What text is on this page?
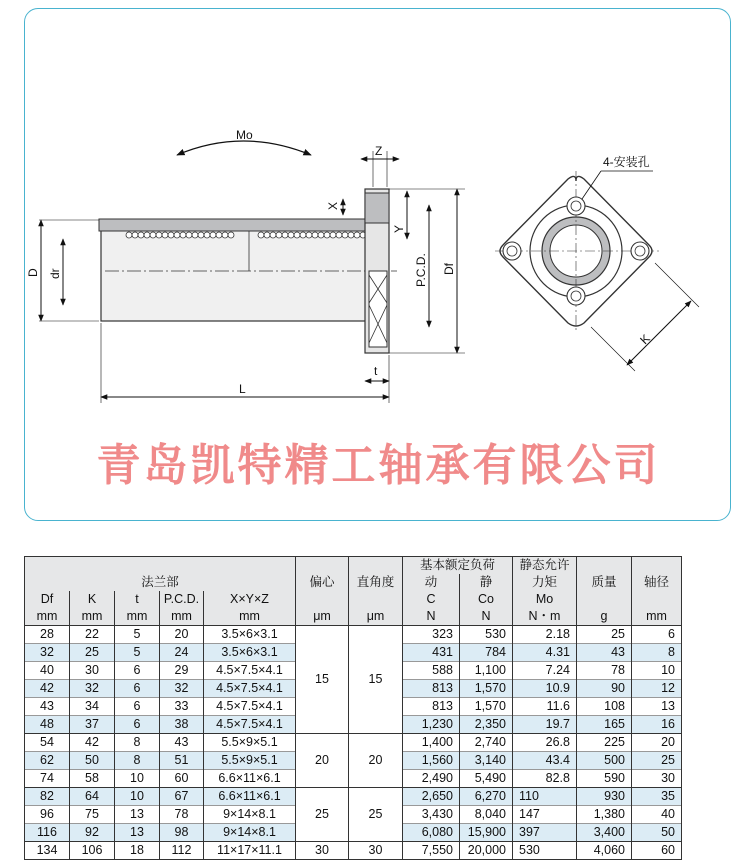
Mo
D dr
L
Z
X
Y
t
P.C.D. Df
4-安装孔
K
青岛凯特精工轴承有限公司
					偏心	直角度	基本额定负荷		静态允许	质量	轴径
法兰部							动	静	力矩		
Df	K	t	P.C.D.	X×Y×Z			C	Co	Mo		
mm	mm	mm	mm	mm	μm	μm	N	N	N・m	g	mm
28	22	5	20	3.5×6×3.1	15	15	323	530	2.18	25	6
32	25	5	24	3.5×6×3.1			431	784	4.31	43	8
40	30	6	29	4.5×7.5×4.1			588	1,100	7.24	78	10
42	32	6	32	4.5×7.5×4.1			813	1,570	10.9	90	12
43	34	6	33	4.5×7.5×4.1			813	1,570	11.6	108	13
48	37	6	38	4.5×7.5×4.1			1,230	2,350	19.7	165	16
54	42	8	43	5.5×9×5.1	20	20	1,400	2,740	26.8	225	20
62	50	8	51	5.5×9×5.1			1,560	3,140	43.4	500	25
74	58	10	60	6.6×11×6.1			2,490	5,490	82.8	590	30
82	64	10	67	6.6×11×6.1	25	25	2,650	6,270	110	930	35
96	75	13	78	9×14×8.1			3,430	8,040	147	1,380	40
116	92	13	98	9×14×8.1			6,080	15,900	397	3,400	50
134	106	18	112	11×17×11.1	30	30	7,550	20,000	530	4,060	60
